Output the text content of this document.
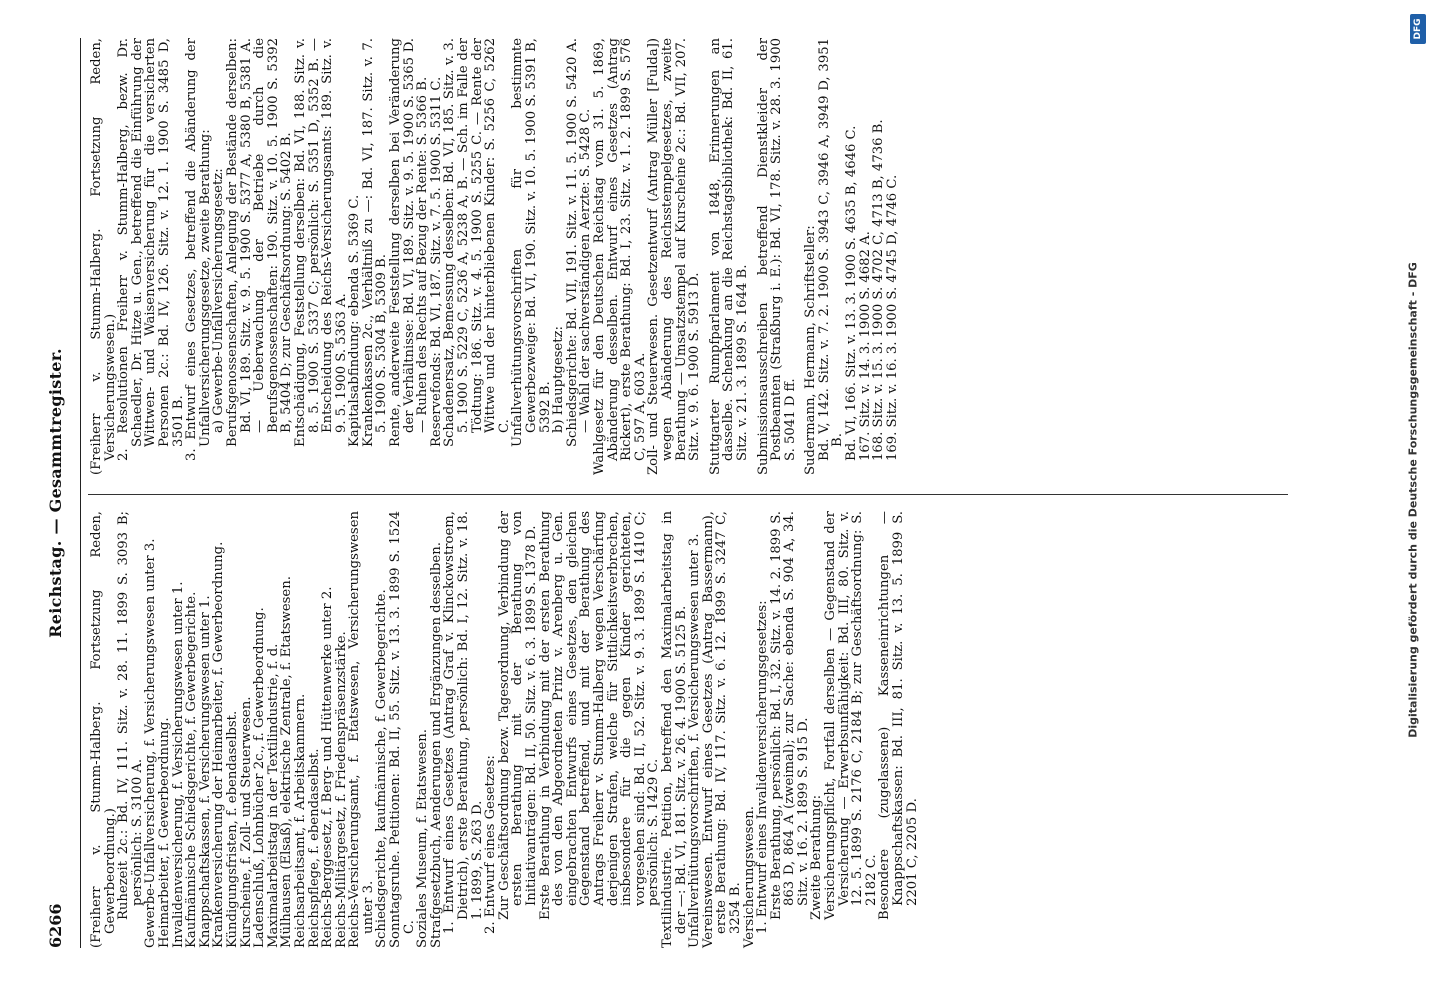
6266
Reichstag. — Gesammtregister.

(Freiherr v. Stumm-Halberg. Fortsetzung Reden, Gewerbeordnung.)

Ruhezeit 2c.: Bd. IV, 111. Sitz. v. 28. 11. 1899 S. 3093 B; persönlich: S. 3100 A.

Gewerbe-Unfallversicherung, f. Versicherungswesen unter 3.

Heimarbeiter, f. Gewerbeordnung.

Invalidenversicherung, f. Versicherungswesen unter 1.

Kaufmännische Schiedsgerichte, f. Gewerbegerichte.

Knappschaftskassen, f. Versicherungswesen unter 1.

Krankenversicherung der Heimarbeiter, f. Gewerbeordnung.

Kündigungsfristen, f. ebendaselbst.

Kurscheine, f. Zoll- und Steuerwesen.

Ladenschluß, Lohnbücher 2c., f. Gewerbeordnung.

Maximalarbeitstag in der Textilindustrie, f. d.

Mülhausen (Elsaß), elektrische Zentrale, f. Etatswesen.

Reichsarbeitsamt, f. Arbeitskammern.

Reichspflege, f. ebendaselbst.

Reichs-Berggesetz, f. Berg- und Hüttenwerke unter 2.

Reichs-Militärgesetz, f. Friedenspräsenzstärke.

Reichs-Versicherungsamt, f. Etatswesen, Versicherungswesen unter 3.

Schiedsgerichte, kaufmännische, f. Gewerbegerichte.

Sonntagsruhe. Petitionen: Bd. II, 55. Sitz. v. 13. 3. 1899 S. 1524 C.

Soziales Museum, f. Etatswesen.

Strafgesetzbuch, Aenderungen und Ergänzungen desselben.

1. Entwurf eines Gesetzes (Antrag Graf v. Klinckowstroem, Dietrich), erste Berathung, persönlich: Bd. I, 12. Sitz. v. 18. 1. 1899, S. 263 D.

2. Entwurf eines Gesetzes:

Zur Geschäftsordnung bezw. Tagesordnung, Verbindung der ersten Berathung mit der Berathung von Initiativanträgen: Bd. II, 50. Sitz. v. 6. 3. 1899 S. 1378 D.

Erste Berathung in Verbindung mit der ersten Berathung des von den Abgeordneten Prinz v. Arenberg u. Gen. eingebrachten Entwurfs eines Gesetzes, den gleichen Gegenstand betreffend, und mit der Berathung des Antrags Freiherr v. Stumm-Halberg wegen Verschärfung derjenigen Strafen, welche für Sittlichkeitsverbrechen, insbesondere für die gegen Kinder gerichteten, vorgesehen sind: Bd. II, 52. Sitz. v. 9. 3. 1899 S. 1410 C; persönlich: S. 1429 C.

Textilindustrie. Petition, betreffend den Maximalarbeitstag in der —: Bd. VI, 181. Sitz. v. 26. 4. 1900 S. 5125 B.

Unfallverhütungsvorschriften, f. Versicherungswesen unter 3.

Vereinswesen. Entwurf eines Gesetzes (Antrag Bassermann), erste Berathung: Bd. IV, 117. Sitz. v. 6. 12. 1899 S. 3247 C, 3254 B.

Versicherungswesen.

1. Entwurf eines Invalidenversicherungsgesetzes:

Erste Berathung, persönlich: Bd. I, 32. Sitz. v. 14. 2. 1899 S. 863 D, 864 A (zweimal); zur Sache: ebenda S. 904 A, 34. Sitz. v. 16. 2. 1899 S. 915 D.

Zweite Berathung:

Versicherungspflicht, Fortfall derselben — Gegenstand der Versicherung — Erwerbsunfähigkeit: Bd. III, 80. Sitz. v. 12. 5. 1899 S. 2176 C, 2184 B; zur Geschäftsordnung: S. 2182 C.

Besondere (zugelassene) Kasseneinrichtungen — Knappschaftskassen: Bd. III, 81. Sitz. v. 13. 5. 1899 S. 2201 C, 2205 D.

(Freiherr v. Stumm-Halberg. Fortsetzung Reden, Versicherungswesen.)

2. Resolutionen Freiherr v. Stumm-Halberg, bezw. Dr. Schaedler, Dr. Hitze u. Gen., betreffend die Einführung der Wittwen- und Waisenversicherung für die versicherten Personen 2c.: Bd. IV, 126. Sitz. v. 12. 1. 1900 S. 3485 D, 3501 B.

3. Entwurf eines Gesetzes, betreffend die Abänderung der Unfallversicherungsgesetze, zweite Berathung:

a) Gewerbe-Unfallversicherungsgesetz:

Berufsgenossenschaften, Anlegung der Bestände derselben: Bd. VI, 189. Sitz. v. 9. 5. 1900 S. 5377 A, 5380 B, 5381 A. — Ueberwachung der Betriebe durch die Berufsgenossenschaften: 190. Sitz. v. 10. 5. 1900 S. 5392 B, 5404 D; zur Geschäftsordnung: S. 5402 B.

Entschädigung, Feststellung derselben: Bd. VI, 188. Sitz. v. 8. 5. 1900 S. 5337 C; persönlich: S. 5351 D, 5352 B. — Entscheidung des Reichs-Versicherungsamts: 189. Sitz. v. 9. 5. 1900 S. 5363 A.

Kapitalsabfindung: ebenda S. 5369 C.

Krankenkassen 2c., Verhältniß zu —: Bd. VI, 187. Sitz. v. 7. 5. 1900 S. 5304 B, 5309 B.

Rente, anderweite Feststellung derselben bei Veränderung der Verhältnisse: Bd. VI, 189. Sitz. v. 9. 5. 1900 S. 5365 D. — Ruhen des Rechts auf Bezug der Rente: S. 5366 B.

Reservefonds: Bd. VI, 187. Sitz. v. 7. 5. 1900 S. 5311 C.

Schadenersatz, Bemessung desselben: Bd. VI, 185. Sitz. v. 3. 5. 1900 S. 5229 C, 5236 A, 5238 A, B. — Sch. im Falle der Tödtung: 186. Sitz. v. 4. 5. 1900 S. 5255 C. — Rente der Wittwe und der hinterbliebenen Kinder: S. 5256 C, 5262 C.

Unfallverhütungsvorschriften für bestimmte Gewerbezweige: Bd. VI, 190. Sitz. v. 10. 5. 1900 S. 5391 B, 5392 B.

b) Hauptgesetz:

Schiedsgerichte: Bd. VII, 191. Sitz. v. 11. 5. 1900 S. 5420 A. — Wahl der sachverständigen Aerzte: S. 5428 C.

Wahlgesetz für den Deutschen Reichstag vom 31. 5. 1869, Abänderung desselben. Entwurf eines Gesetzes (Antrag Rickert), erste Berathung: Bd. I, 23. Sitz. v. 1. 2. 1899 S. 576 C, 597 A, 603 A.

Zoll- und Steuerwesen. Gesetzentwurf (Antrag Müller [Fulda]) wegen Abänderung des Reichsstempelgesetzes, zweite Berathung — Umsatzstempel auf Kurscheine 2c.: Bd. VII, 207. Sitz. v. 9. 6. 1900 S. 5913 D. Stuttgarter Rumpfparlament von 1848, Erinnerungen an dasselbe. Schenkung an die Reichstagsbibliothek: Bd. II, 61. Sitz. v. 21. 3. 1899 S. 1644 B. Submissionsausschreiben betreffend Dienstkleider der Postbeamten (Straßburg i. E.): Bd. VI, 178. Sitz. v. 28. 3. 1900 S. 5041 D ff. Sudermann, Hermann, Schriftsteller:

Bd. V, 142. Sitz. v. 7. 2. 1900 S. 3943 C, 3946 A, 3949 D, 3951 B.

Bd. VI, 166. Sitz. v. 13. 3. 1900 S. 4635 B, 4646 C.

167. Sitz. v. 14. 3. 1900 S. 4682 A.

168. Sitz. v. 15. 3. 1900 S. 4702 C, 4713 B, 4736 B.

169. Sitz. v. 16. 3. 1900 S. 4745 D, 4746 C.

DFG
Digitalisierung gefördert durch die Deutsche Forschungsgemeinschaft - DFG
